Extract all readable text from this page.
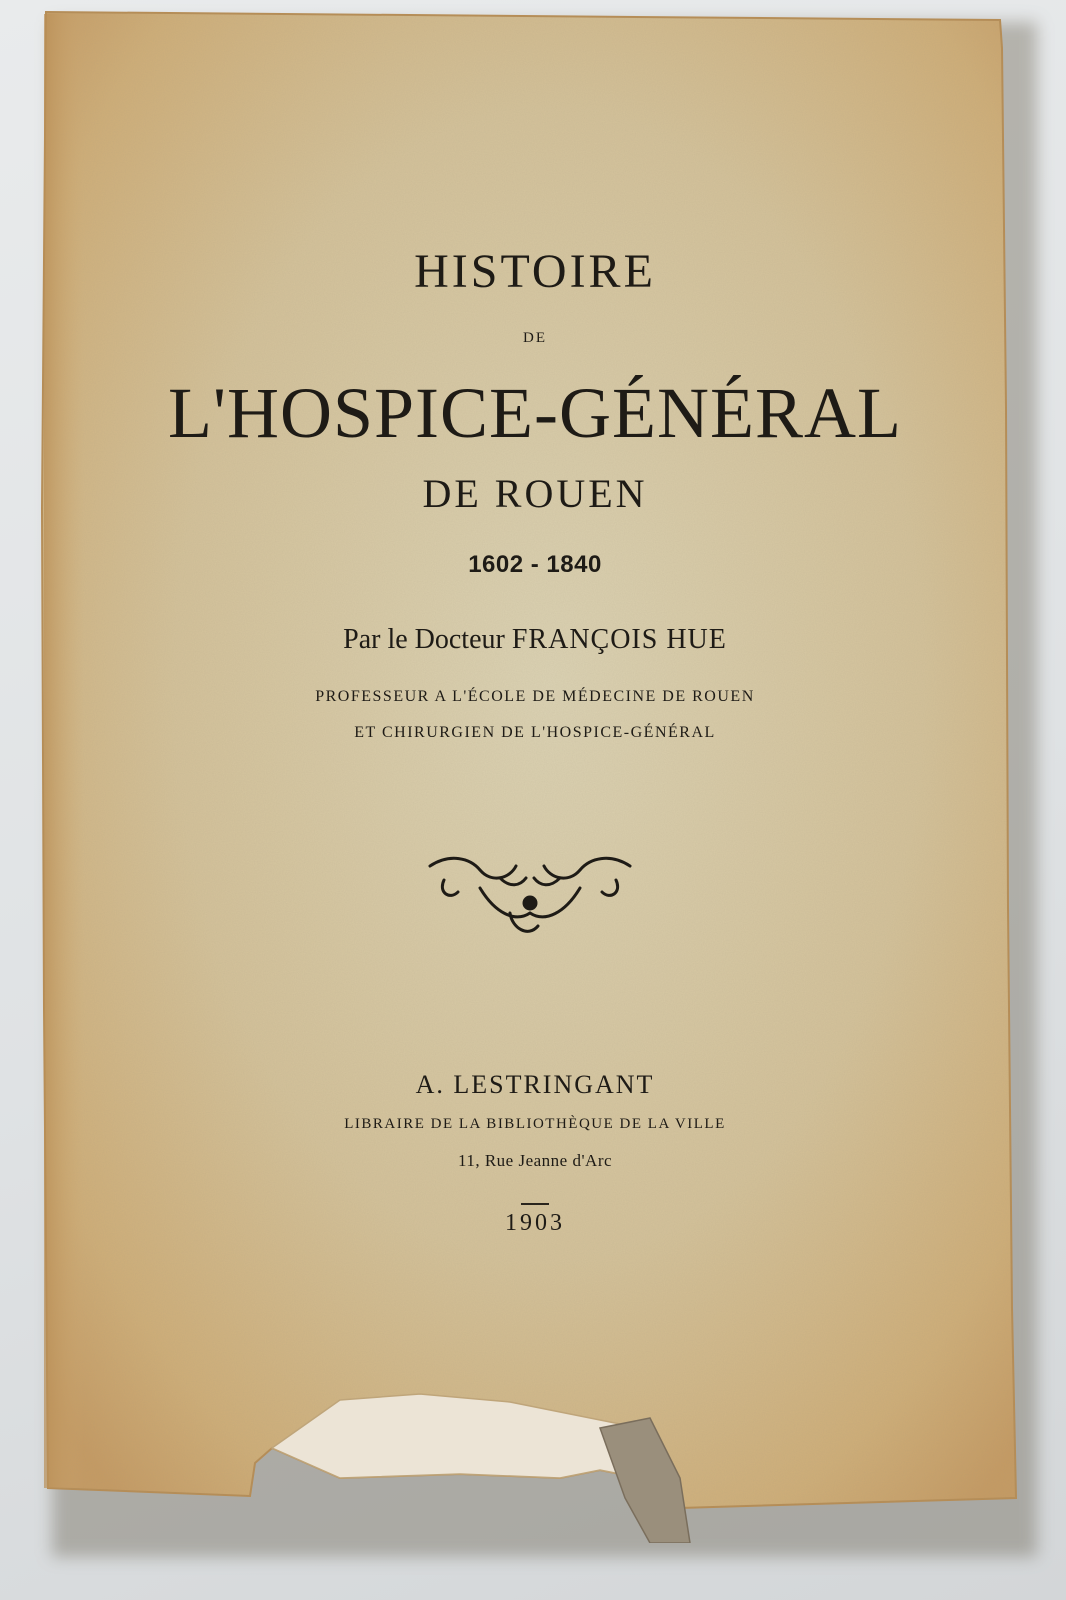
HISTOIRE
DE
L'HOSPICE-GÉNÉRAL
DE ROUEN
1602 - 1840
Par le Docteur FRANÇOIS HUE
PROFESSEUR A L'ÉCOLE DE MÉDECINE DE ROUEN
ET CHIRURGIEN DE L'HOSPICE-GÉNÉRAL
A. LESTRINGANT
LIBRAIRE DE LA BIBLIOTHÈQUE DE LA VILLE
11, Rue Jeanne d'Arc
1903
